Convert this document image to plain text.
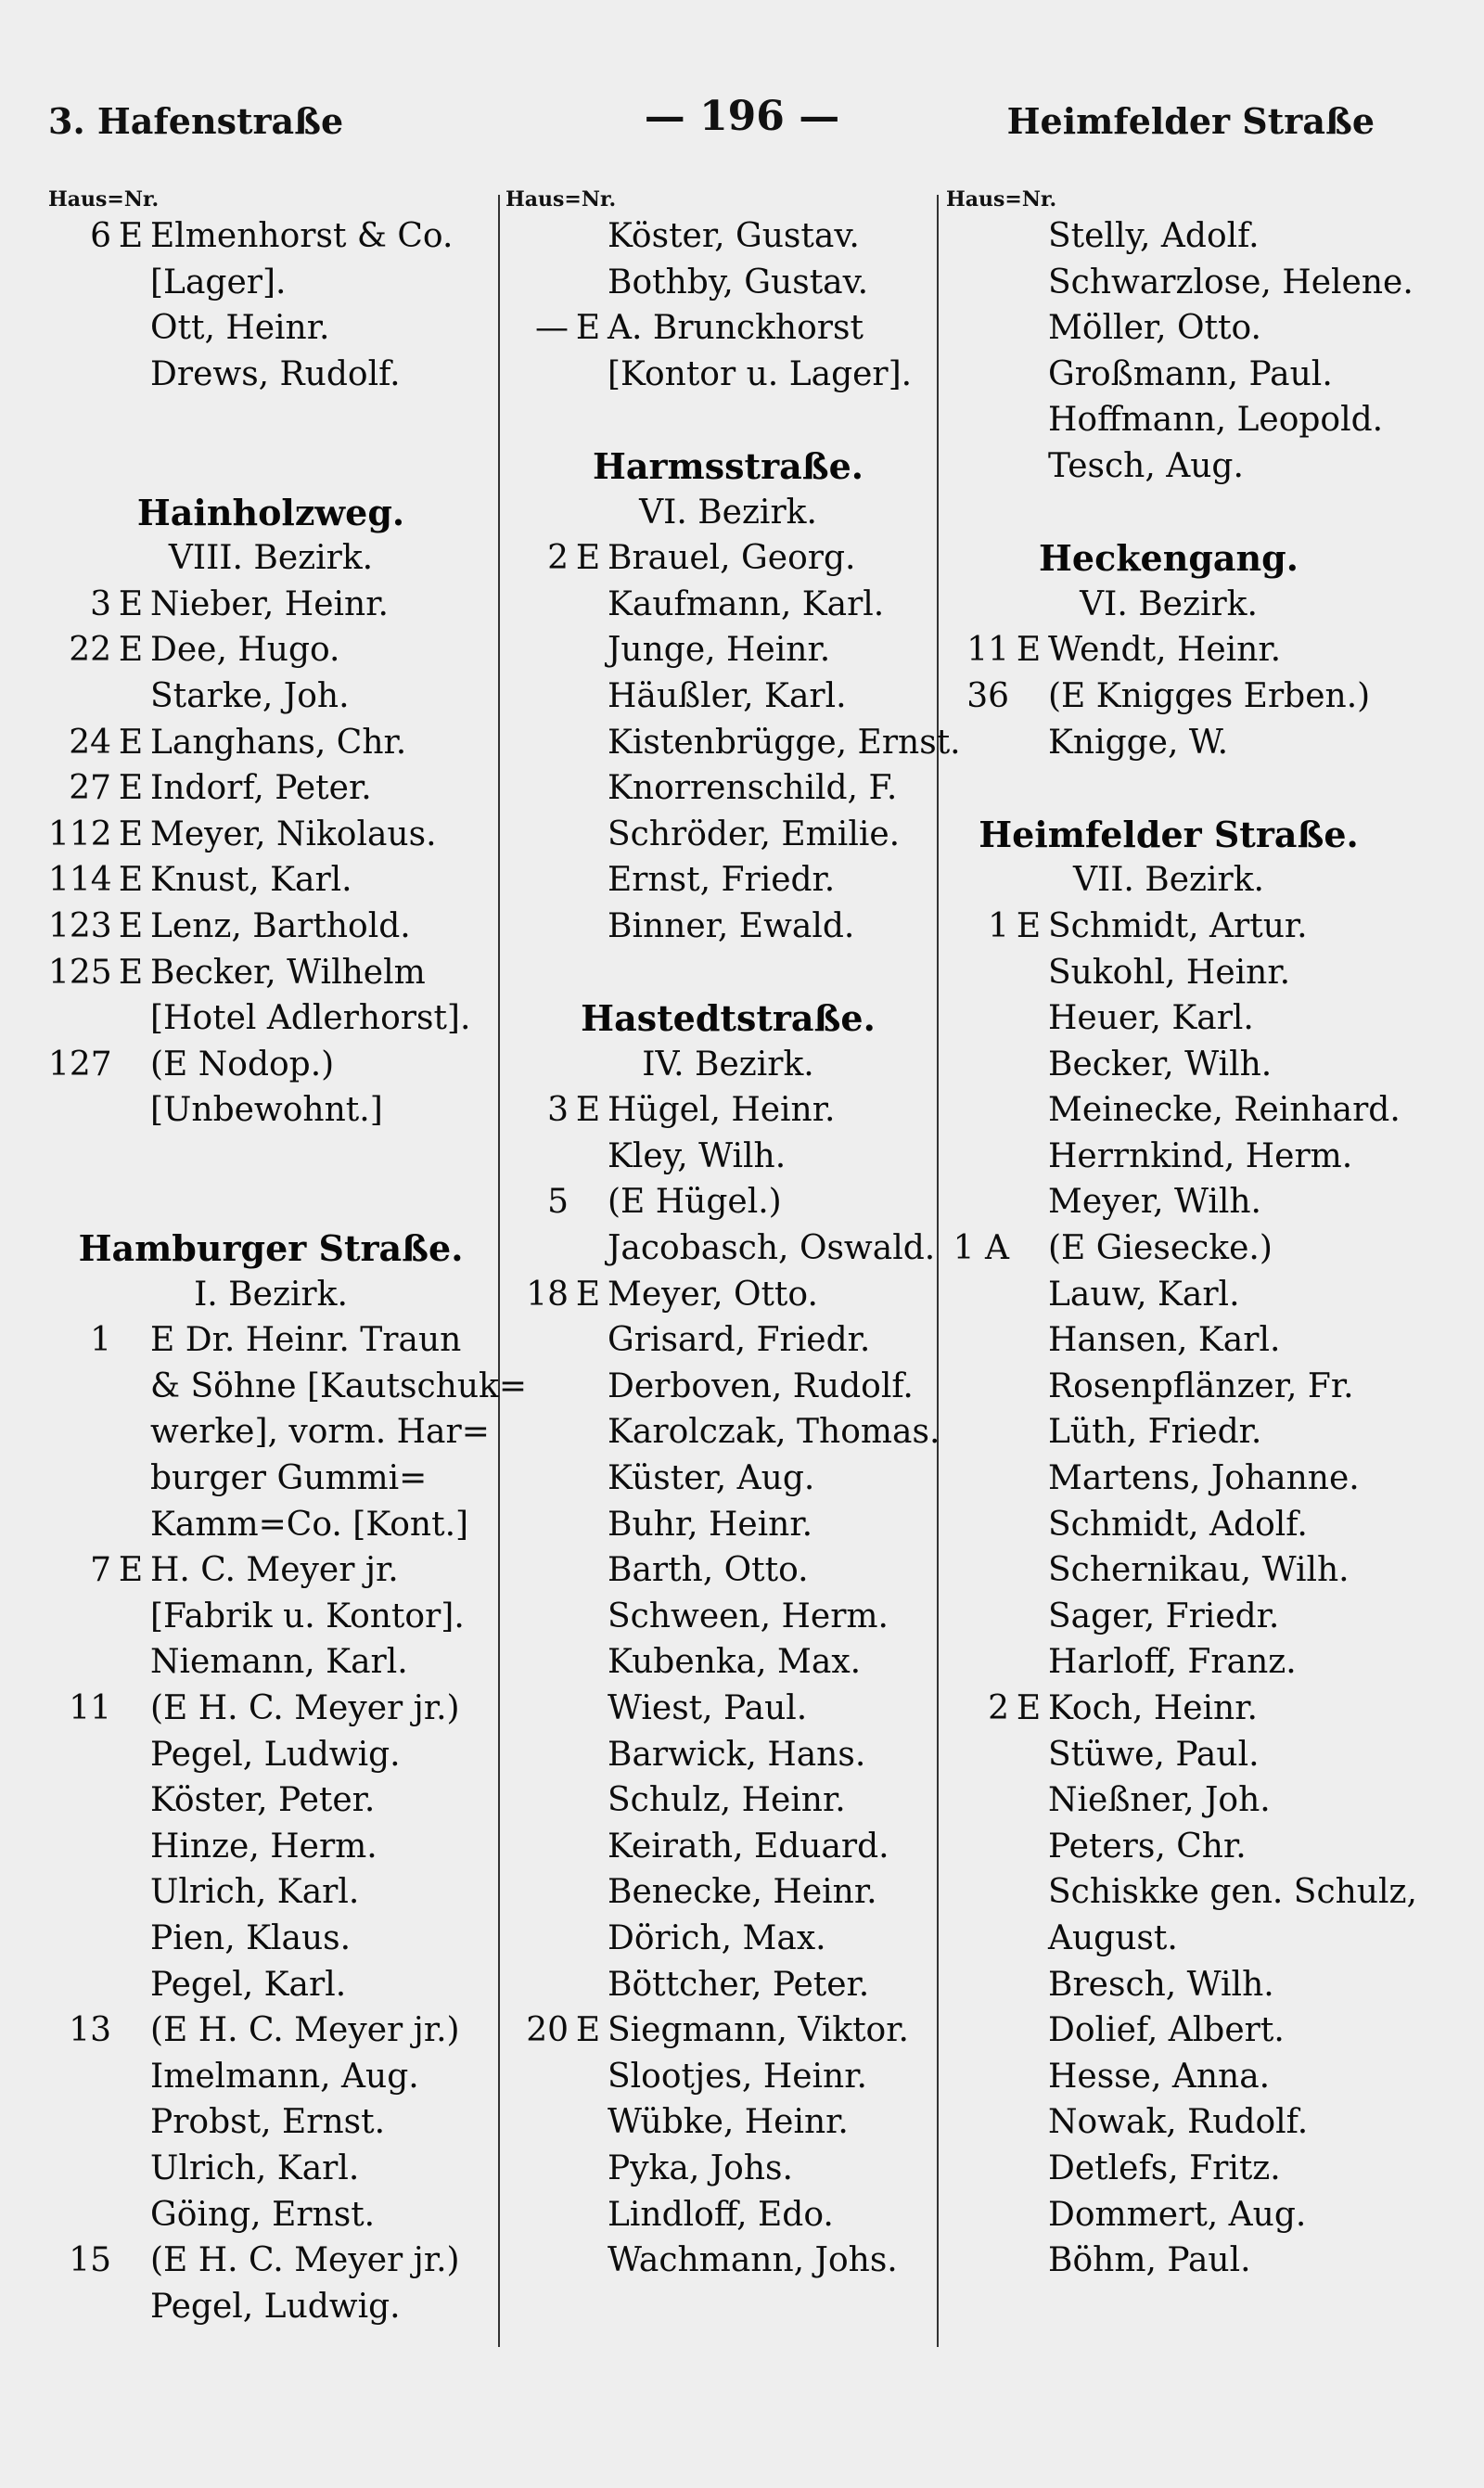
3. Hafenstraße	— 196 —	Heimfelder Straße
Haus=Nr.
6 E Elmenhorst & Co.
[Lager].
Ott, Heinr.
Drews, Rudolf.
Hainholzweg.
VIII. Bezirk.
3 E Nieber, Heinr.
22 E Dee, Hugo.
Starke, Joh.
24 E Langhans, Chr.
27 E Indorf, Peter.
112 E Meyer, Nikolaus.
114 E Knust, Karl.
123 E Lenz, Barthold.
125 E Becker, Wilhelm
[Hotel Adlerhorst].
127 (E Nodop.)
[Unbewohnt.]
Hamburger Straße.
I. Bezirk.
1 E Dr. Heinr. Traun
& Söhne [Kautschuk=
werke], vorm. Har=
burger Gummi=
Kamm=Co. [Kont.]
7 E H. C. Meyer jr.
[Fabrik u. Kontor].
Niemann, Karl.
11 (E H. C. Meyer jr.)
Pegel, Ludwig.
Köster, Peter.
Hinze, Herm.
Ulrich, Karl.
Pien, Klaus.
Pegel, Karl.
13 (E H. C. Meyer jr.)
Imelmann, Aug.
Probst, Ernst.
Ulrich, Karl.
Göing, Ernst.
15 (E H. C. Meyer jr.)
Pegel, Ludwig.
Haus=Nr.
Köster, Gustav.
Bothby, Gustav.
— E A. Brunckhorst
[Kontor u. Lager].
Harmsstraße.
VI. Bezirk.
2 E Brauel, Georg.
Kaufmann, Karl.
Junge, Heinr.
Häußler, Karl.
Kistenbrügge, Ernst.
Knorrenschild, F.
Schröder, Emilie.
Ernst, Friedr.
Binner, Ewald.
Hastedtstraße.
IV. Bezirk.
3 E Hügel, Heinr.
Kley, Wilh.
5 (E Hügel.)
Jacobasch, Oswald.
18 E Meyer, Otto.
Grisard, Friedr.
Derboven, Rudolf.
Karolczak, Thomas.
Küster, Aug.
Buhr, Heinr.
Barth, Otto.
Schween, Herm.
Kubenka, Max.
Wiest, Paul.
Barwick, Hans.
Schulz, Heinr.
Keirath, Eduard.
Benecke, Heinr.
Dörich, Max.
Böttcher, Peter.
20 E Siegmann, Viktor.
Slootjes, Heinr.
Wübke, Heinr.
Pyka, Johs.
Lindloff, Edo.
Wachmann, Johs.
Haus=Nr.
Stelly, Adolf.
Schwarzlose, Helene.
Möller, Otto.
Großmann, Paul.
Hoffmann, Leopold.
Tesch, Aug.
Heckengang.
VI. Bezirk.
11 E Wendt, Heinr.
36 (E Knigges Erben.)
Knigge, W.
Heimfelder Straße.
VII. Bezirk.
1 E Schmidt, Artur.
Sukohl, Heinr.
Heuer, Karl.
Becker, Wilh.
Meinecke, Reinhard.
Herrnkind, Herm.
Meyer, Wilh.
1 A (E Giesecke.)
Lauw, Karl.
Hansen, Karl.
Rosenpflänzer, Fr.
Lüth, Friedr.
Martens, Johanne.
Schmidt, Adolf.
Schernikau, Wilh.
Sager, Friedr.
Harloff, Franz.
2 E Koch, Heinr.
Stüwe, Paul.
Nießner, Joh.
Peters, Chr.
Schiskke gen. Schulz,
August.
Bresch, Wilh.
Dolief, Albert.
Hesse, Anna.
Nowak, Rudolf.
Detlefs, Fritz.
Dommert, Aug.
Böhm, Paul.
